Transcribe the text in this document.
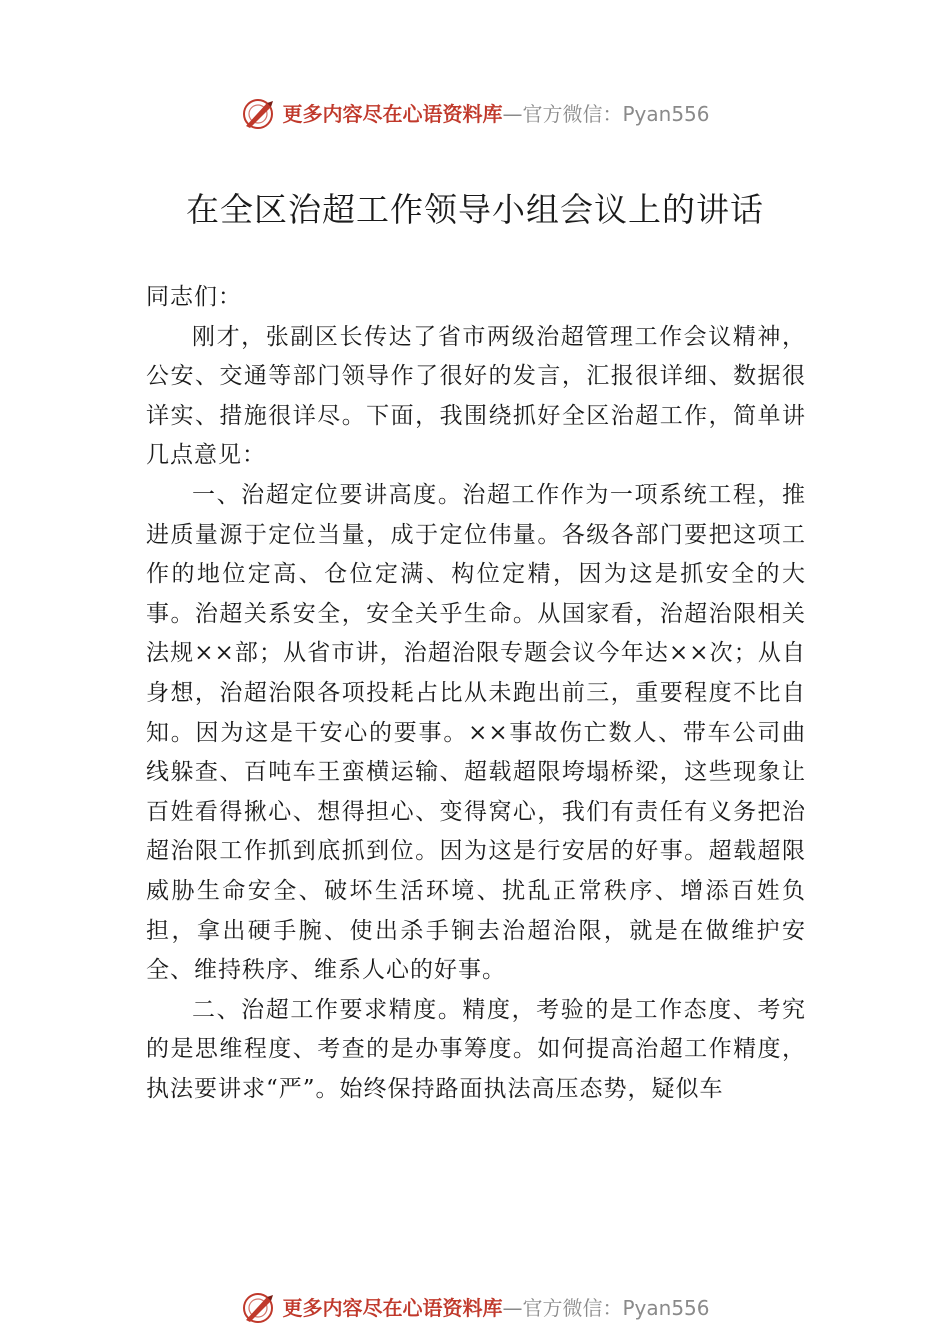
更多内容尽在心语资料库—官方微信：Pyan556
在全区治超工作领导小组会议上的讲话

同志们：

刚才，张副区长传达了省市两级治超管理工作会议精神，公安、交通等部门领导作了很好的发言，汇报很详细、数据很详实、措施很详尽。下面，我围绕抓好全区治超工作，简单讲几点意见：

一、治超定位要讲高度。治超工作作为一项系统工程，推进质量源于定位当量，成于定位伟量。各级各部门要把这项工作的地位定高、仓位定满、构位定精，因为这是抓安全的大事。治超关系安全，安全关乎生命。从国家看，治超治限相关法规××部；从省市讲，治超治限专题会议今年达××次；从自身想，治超治限各项投耗占比从未跑出前三，重要程度不比自知。因为这是干安心的要事。××事故伤亡数人、带车公司曲线躲查、百吨车王蛮横运输、超载超限垮塌桥梁，这些现象让百姓看得揪心、想得担心、变得窝心，我们有责任有义务把治超治限工作抓到底抓到位。因为这是行安居的好事。超载超限威胁生命安全、破坏生活环境、扰乱正常秩序、增添百姓负担，拿出硬手腕、使出杀手锏去治超治限，就是在做维护安全、维持秩序、维系人心的好事。

二、治超工作要求精度。精度，考验的是工作态度、考究的是思维程度、考查的是办事筹度。如何提高治超工作精度，执法要讲求“严”。始终保持路面执法高压态势，疑似车

更多内容尽在心语资料库—官方微信：Pyan556
